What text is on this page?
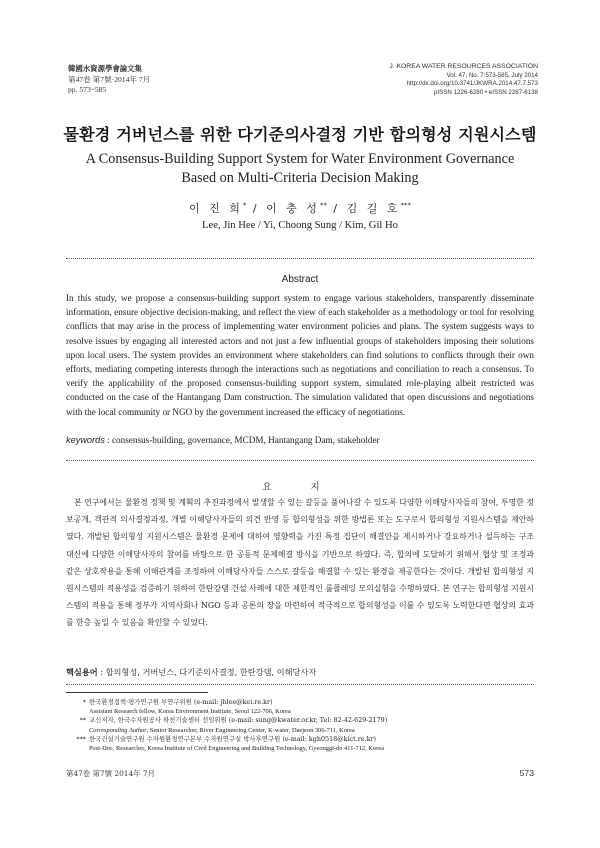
韓國水資源學會論文集
第47卷 第7號·2014年 7月
pp. 573~585
J. KOREA WATER RESOURCES ASSOCIATION
Vol. 47, No. 7:573-585, July 2014
http://dx.doi.org/10.3741/JKWRA.2014.47.7.573
pISSN 1226-6280 • eISSN 2287-6138
물환경 거버넌스를 위한 다기준의사결정 기반 합의형성 지원시스템
A Consensus-Building Support System for Water Environment Governance
Based on Multi-Criteria Decision Making
이 진 희* / 이 충 성** / 김 길 호***
Lee, Jin Hee / Yi, Choong Sung / Kim, Gil Ho
Abstract
In this study, we propose a consensus-building support system to engage various stakeholders, transparently disseminate information, ensure objective decision-making, and reflect the view of each stakeholder as a methodology or tool for resolving conflicts that may arise in the process of implementing water environment policies and plans. The system suggests ways to resolve issues by engaging all interested actors and not just a few influential groups of stakeholders imposing their solutions upon local users. The system provides an environment where stakeholders can find solutions to conflicts through their own efforts, mediating competing interests through the interactions such as negotiations and conciliation to reach a consensus. To verify the applicability of the proposed consensus-building support system, simulated role-playing albeit restricted was conducted on the case of the Hantangang Dam construction. The simulation validated that open discussions and negotiations with the local community or NGO by the government increased the efficacy of negotiations.
keywords : consensus-building, governance, MCDM, Hantangang Dam, stakeholder
요 지

본 연구에서는 물환경 정책 및 계획의 추진과정에서 발생할 수 있는 갈등을 풀어나갈 수 있도록 다양한 이해당사자들의 참여, 투명한 정보공개, 객관적 의사결정과정, 개별 이해당사자들의 의견 반영 등 합의형성을 위한 방법론 또는 도구로서 합의형성 지원시스템을 제안하였다. 개발된 합의형성 지원시스템은 물환경 문제에 대하여 영향력을 가진 특정 집단이 해결안을 제시하거나 강요하거나 설득하는 구조 대신에 다양한 이해당사자의 참여를 바탕으로 한 공동적 문제해결 방식을 기반으로 하였다. 즉, 합의에 도달하기 위해서 협상 및 조정과 같은 상호작용을 통해 이해관계를 조정하여 이해당사자들 스스로 갈등을 해결할 수 있는 환경을 제공한다는 것이다. 개발된 합의형성 지원시스템의 적용성을 검증하기 위하여 한탄강댐 건설 사례에 대한 제한적인 롤플레잉 모의실험을 수행하였다. 본 연구는 합의형성 지원시스템의 적용을 통해 정부가 지역사회나 NGO 등과 공론의 장을 마련하여 적극적으로 합의형성을 이룰 수 있도록 노력한다면 협상의 효과를 한층 높일 수 있음을 확인할 수 있었다.

핵심용어 : 합의형성, 거버넌스, 다기준의사결정, 한탄강댐, 이해당사자
* 한국환경정책·평가연구원 부연구위원 (e-mail: jhlee@kei.re.kr)
Assistant Research fellow, Korea Environment Institute, Seoul 122-706, Korea
** 교신저자, 한국수자원공사 하천기술센터 선임위원 (e-mail: sung@kwater.or.kr, Tel: 82-42-629-2179)
Corresponding Author, Senior Researcher, River Engineering Center, K-water, Daejeon 306-711, Korea
*** 한국건설기술연구원 수자원환경연구본부 수자원연구실 박사후연구원 (e-mail: kgh0518@kict.re.kr)
Post-Doc. Researcher, Korea Institute of Civil Engineering and Building Technology, Gyeonggi-do 411-712, Korea
第47卷 第7號 2014年 7月	573
